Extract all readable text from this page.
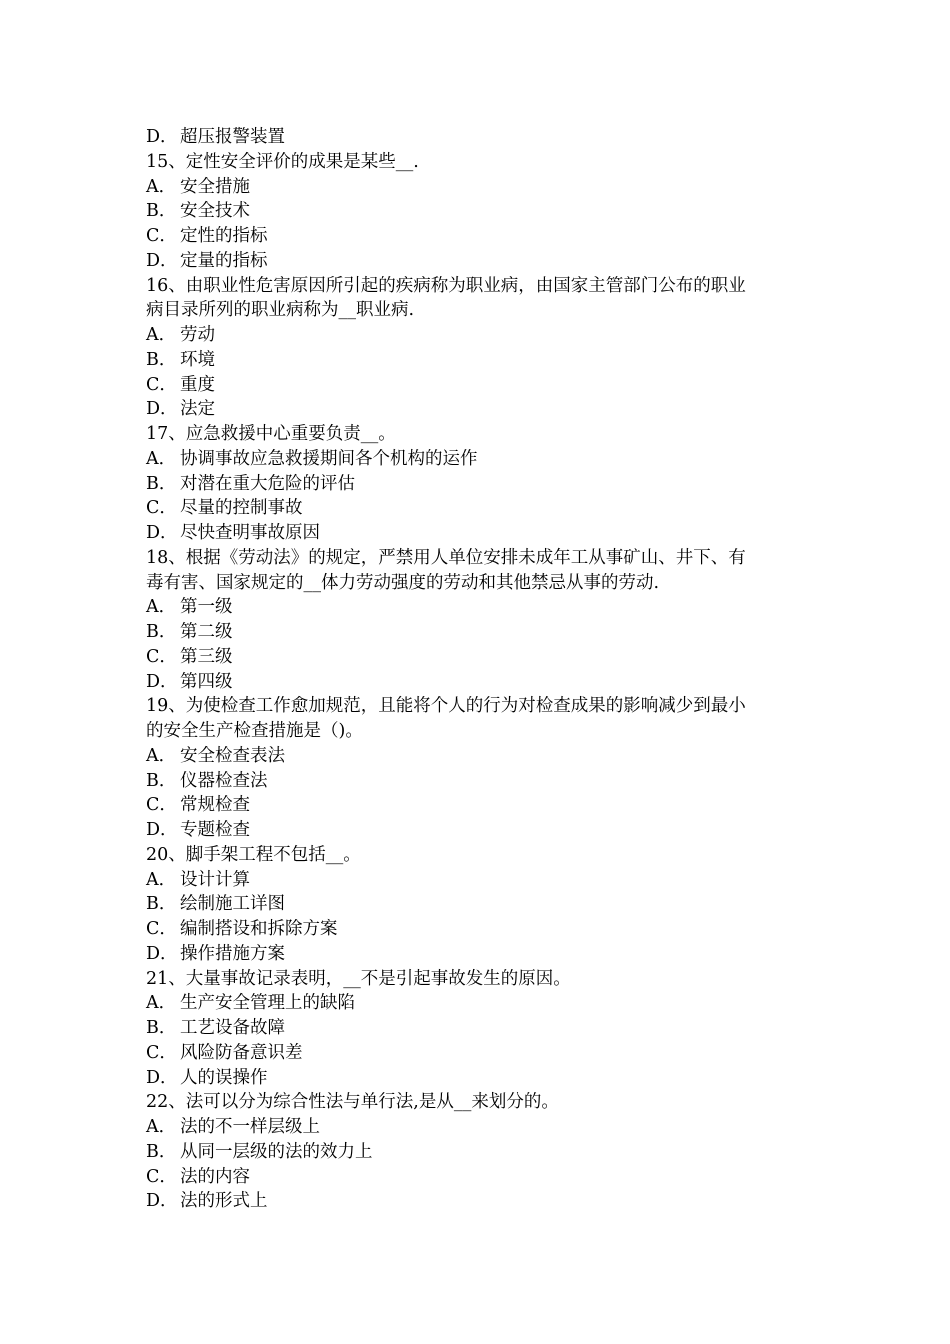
D． 超压报警装置
15、定性安全评价的成果是某些__.
A． 安全措施
B． 安全技术
C． 定性的指标
D． 定量的指标
16、由职业性危害原因所引起的疾病称为职业病，由国家主管部门公布的职业
病目录所列的职业病称为__职业病.
A． 劳动
B． 环境
C． 重度
D． 法定
17、应急救援中心重要负责__。
A． 协调事故应急救援期间各个机构的运作
B． 对潜在重大危险的评估
C． 尽量的控制事故
D． 尽快查明事故原因
18、根据《劳动法》的规定，严禁用人单位安排未成年工从事矿山、井下、有
毒有害、国家规定的__体力劳动强度的劳动和其他禁忌从事的劳动.
A． 第一级
B． 第二级
C． 第三级
D． 第四级
19、为使检查工作愈加规范，且能将个人的行为对检查成果的影响减少到最小
的安全生产检查措施是（)。
A． 安全检查表法
B． 仪器检查法
C． 常规检查
D． 专题检查
20、脚手架工程不包括__。
A． 设计计算
B． 绘制施工详图
C． 编制搭设和拆除方案
D． 操作措施方案
21、大量事故记录表明，__不是引起事故发生的原因。
A． 生产安全管理上的缺陷
B． 工艺设备故障
C． 风险防备意识差
D． 人的误操作
22、法可以分为综合性法与单行法,是从__来划分的。
A． 法的不一样层级上
B． 从同一层级的法的效力上
C． 法的内容
D． 法的形式上
